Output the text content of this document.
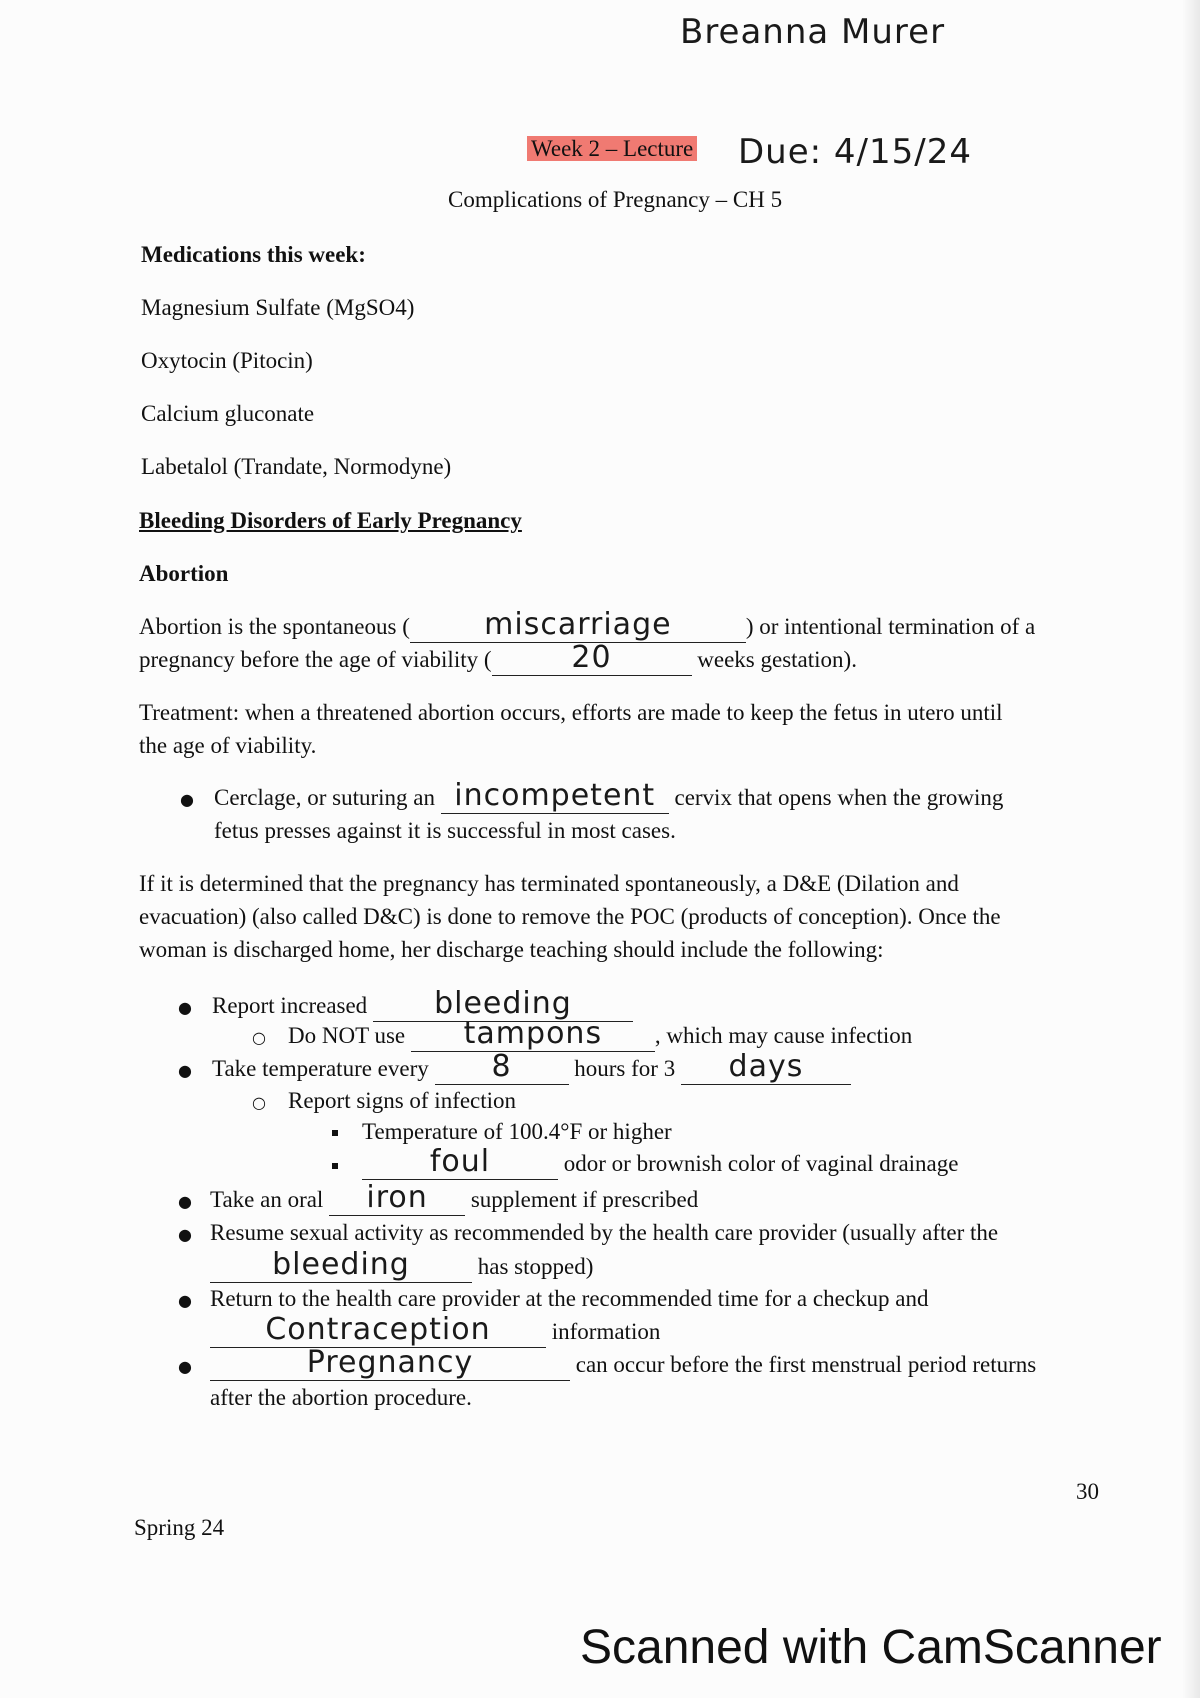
Breanna Murer
Week 2 – Lecture Due: 4/15/24
Complications of Pregnancy – CH 5
Medications this week:
Magnesium Sulfate (MgSO4)
Oxytocin (Pitocin)
Calcium gluconate
Labetalol (Trandate, Normodyne)
Bleeding Disorders of Early Pregnancy
Abortion
Abortion is the spontaneous (	miscarriage	) or intentional termination of a
pregnancy before the age of viability (	20	weeks gestation).
Treatment: when a threatened abortion occurs, efforts are made to keep the fetus in utero until
the age of viability.
● Cerclage, or suturing an incompetent cervix that opens when the growing
fetus presses against it is successful in most cases.
If it is determined that the pregnancy has terminated spontaneously, a D&E (Dilation and
evacuation) (also called D&C) is done to remove the POC (products of conception). Once the
woman is discharged home, her discharge teaching should include the following:
● Report increased	bleeding
○ Do NOT use	tampons	, which may cause infection
● Take temperature every	8	hours for 3	days
○ Report signs of infection
Temperature of 100.4°F or higher
foul	odor or brownish color of vaginal drainage
● Take an oral	iron	supplement if prescribed
● Resume sexual activity as recommended by the health care provider (usually after the
bleeding	has stopped)
● Return to the health care provider at the recommended time for a checkup and
Contraception	information
●	Pregnancy	can occur before the first menstrual period returns
after the abortion procedure.
30
Spring 24
Scanned with CamScanner
